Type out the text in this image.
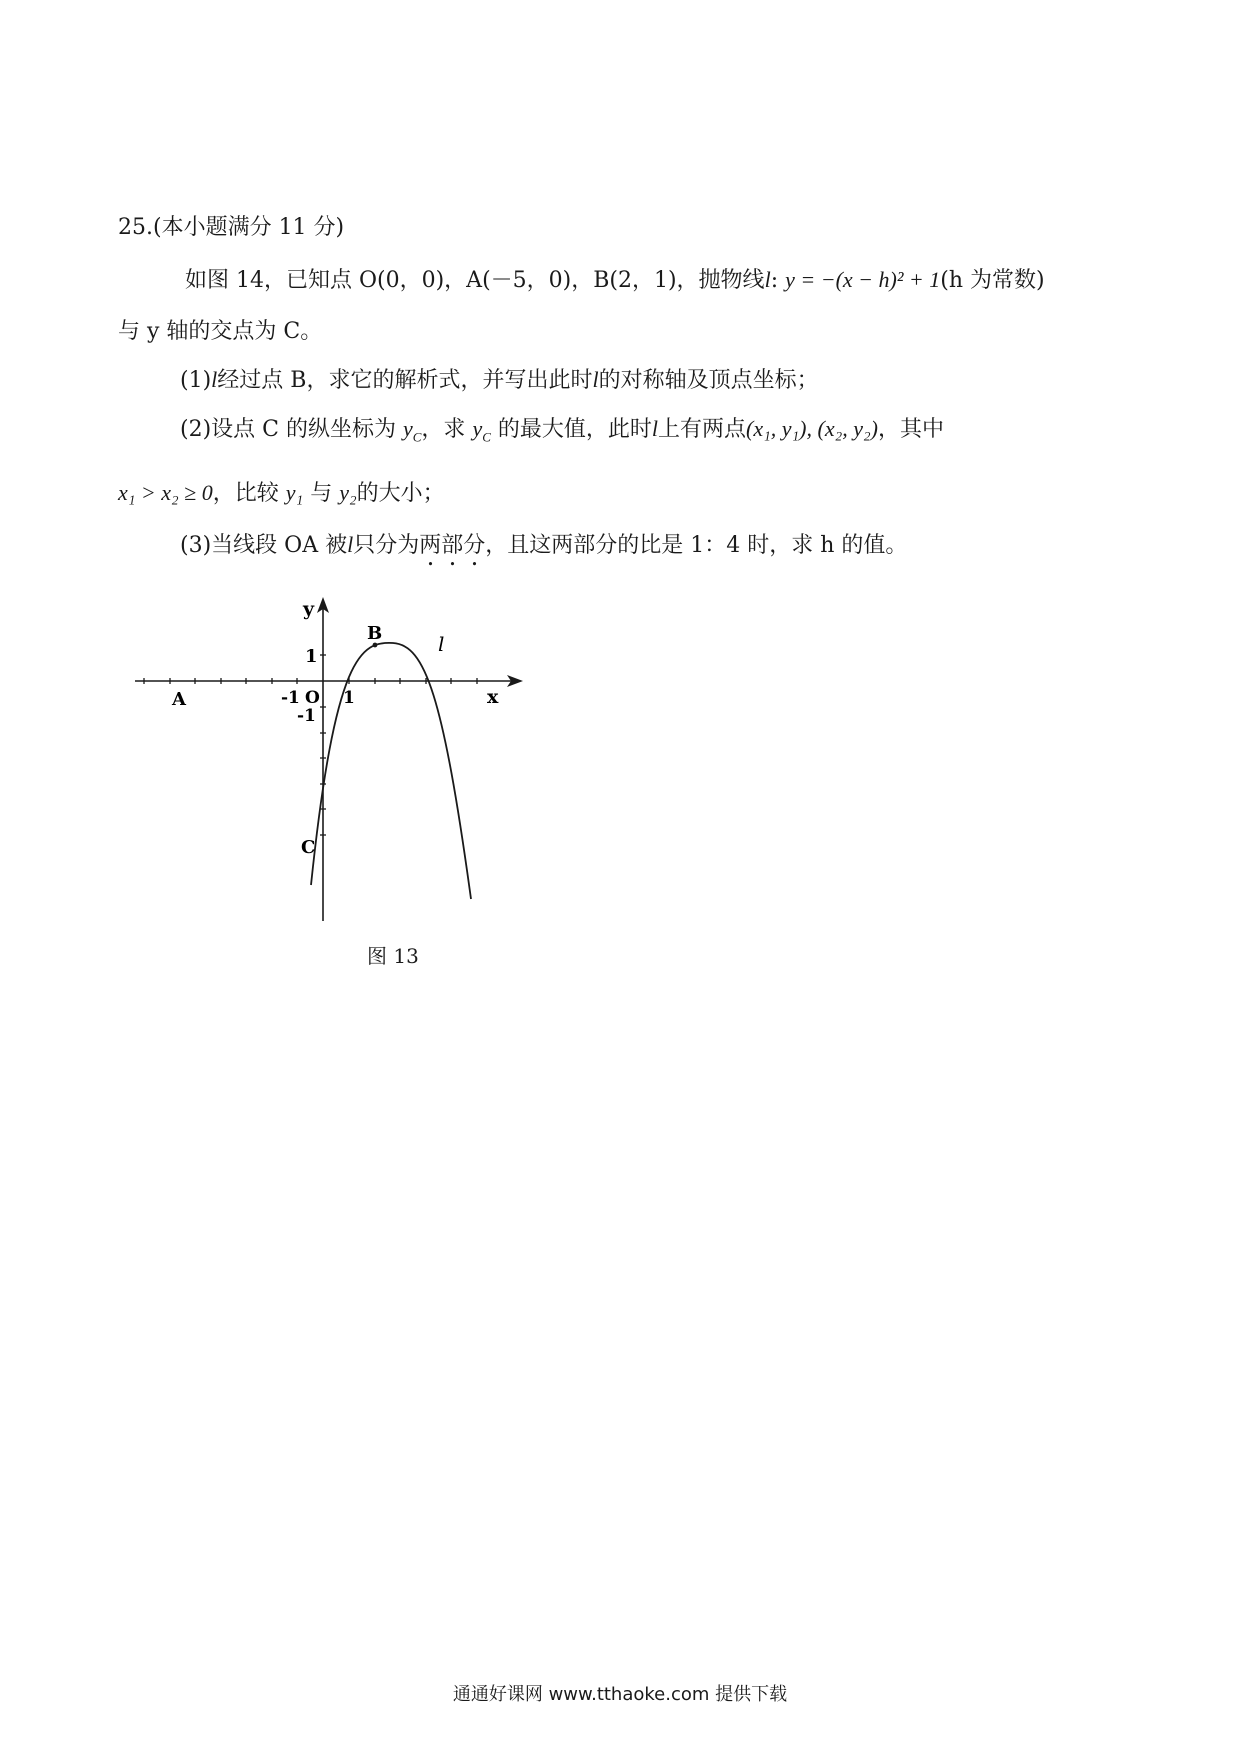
25.(本小题满分 11 分)
如图 14，已知点 O(0，0)，A(－5，0)，B(2，1)，抛物线l: y = −(x − h)² + 1(h 为常数)
与 y 轴的交点为 C。
(1)l经过点 B，求它的解析式，并写出此时l的对称轴及顶点坐标；
(2)设点 C 的纵坐标为 $y_C$，求 $y_C$ 的最大值，此时l上有两点(x₁, y₁), (x₂, y₂)，其中
x₁ > x₂ ≥ 0，比较 y₁ 与 y₂的大小；
(3)当线段 OA 被l只分为两部分，且这两部分的比是 1：4 时，求 h 的值。
y
x
1
-1
-1 O 1
A
B
C
l
图 13
通通好课网 www.tthaoke.com 提供下载
